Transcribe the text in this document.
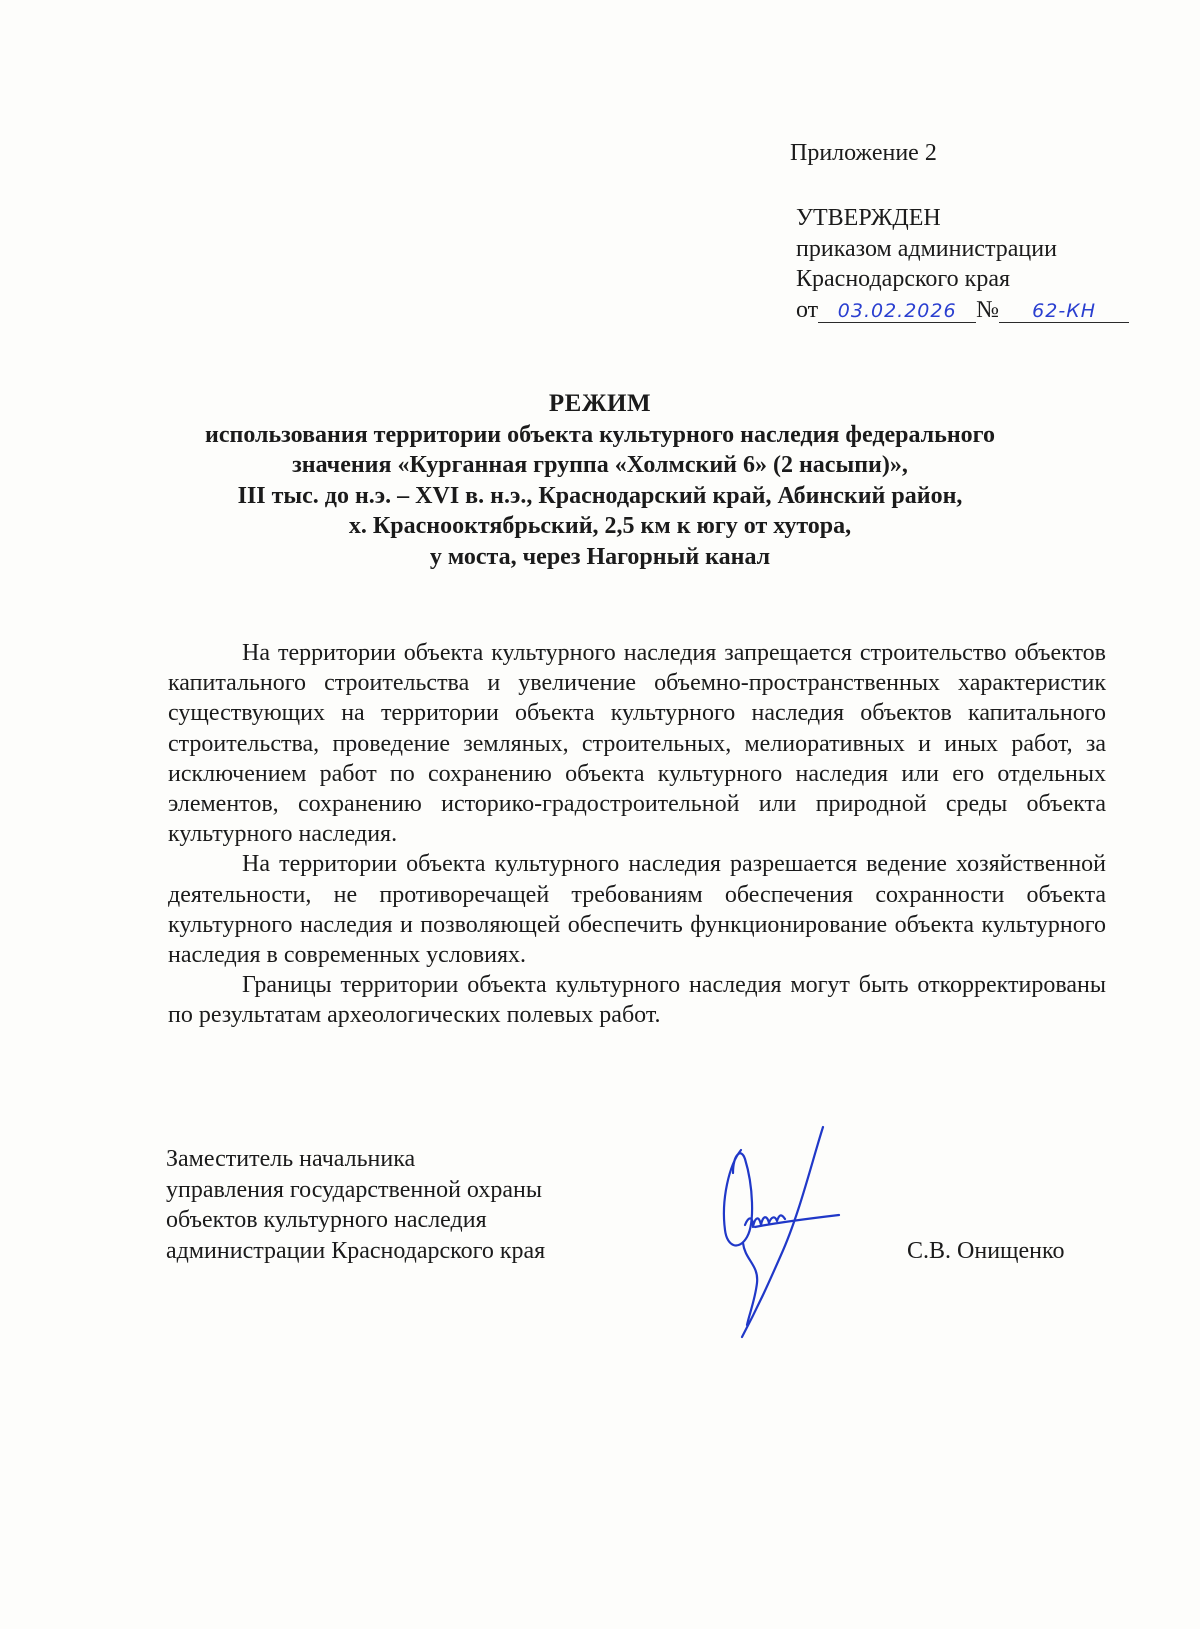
Приложение 2
УТВЕРЖДЕН
приказом администрации
Краснодарского края
от 03.02.2026 № 62-КН
РЕЖИМ
использования территории объекта культурного наследия федерального
значения «Курганная группа «Холмский 6» (2 насыпи)»,
III тыс. до н.э. – XVI в. н.э., Краснодарский край, Абинский район,
х. Краснооктябрьский, 2,5 км к югу от хутора,
у моста, через Нагорный канал

На территории объекта культурного наследия запрещается строительство объектов капитального строительства и увеличение объемно-пространственных характеристик существующих на территории объекта культурного наследия объектов капитального строительства, проведение земляных, строительных, мелиоративных и иных работ, за исключением работ по сохранению объекта культурного наследия или его отдельных элементов, сохранению историко-градостроительной или природной среды объекта культурного наследия.

На территории объекта культурного наследия разрешается ведение хозяйственной деятельности, не противоречащей требованиям обеспечения сохранности объекта культурного наследия и позволяющей обеспечить функционирование объекта культурного наследия в современных условиях.

Границы территории объекта культурного наследия могут быть откорректированы по результатам археологических полевых работ.

Заместитель начальника
управления государственной охраны
объектов культурного наследия
администрации Краснодарского края	С.В. Онищенко
